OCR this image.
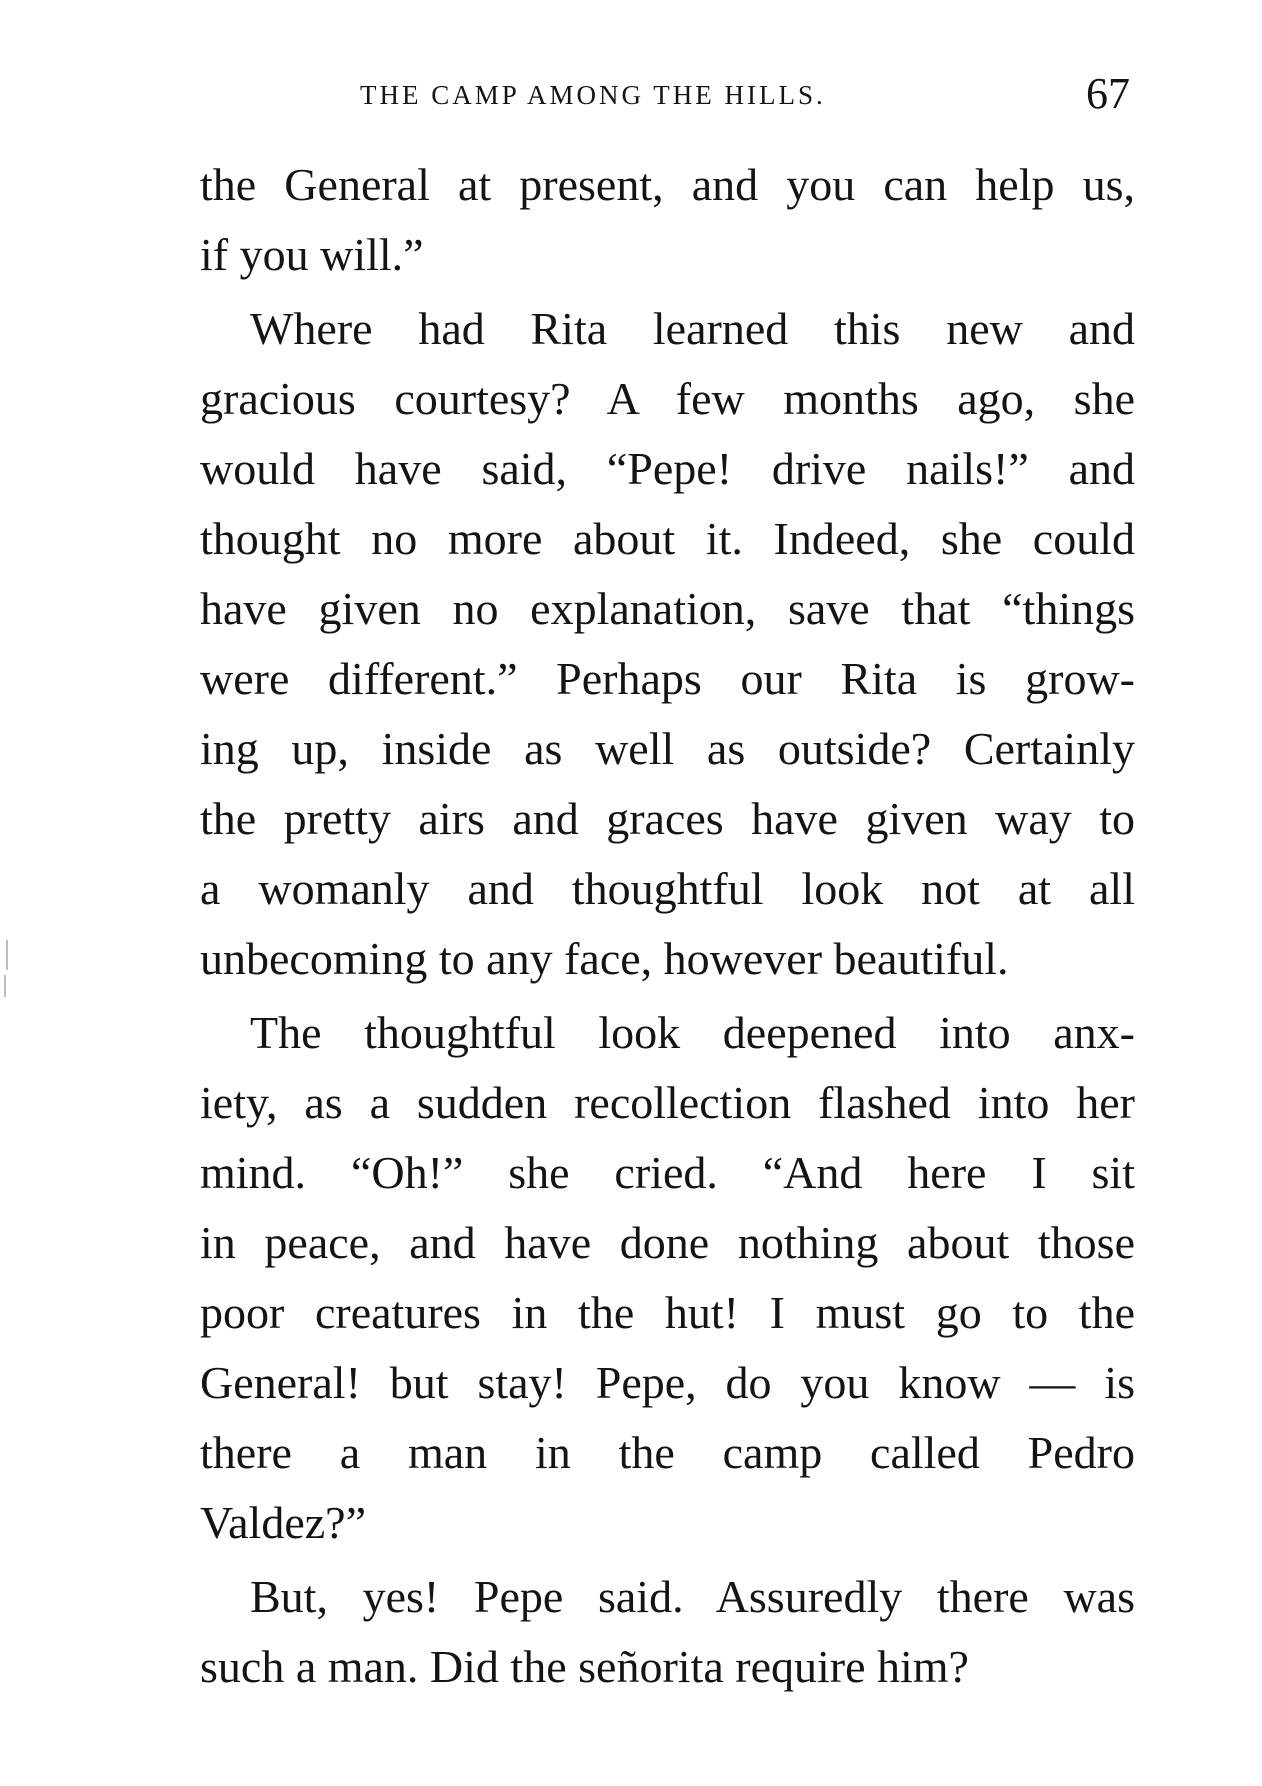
THE CAMP AMONG THE HILLS.	67
the General at present, and you can help us,
if you will.”
Where had Rita learned this new and
gracious courtesy? A few months ago, she
would have said, “Pepe! drive nails!” and
thought no more about it. Indeed, she could
have given no explanation, save that “things
were different.” Perhaps our Rita is grow-
ing up, inside as well as outside? Certainly
the pretty airs and graces have given way to
a womanly and thoughtful look not at all
unbecoming to any face, however beautiful.
The thoughtful look deepened into anx-
iety, as a sudden recollection flashed into her
mind. “Oh!” she cried. “And here I sit
in peace, and have done nothing about those
poor creatures in the hut! I must go to the
General! but stay! Pepe, do you know — is
there a man in the camp called Pedro
Valdez?”
But, yes! Pepe said. Assuredly there was
such a man. Did the señorita require him?
